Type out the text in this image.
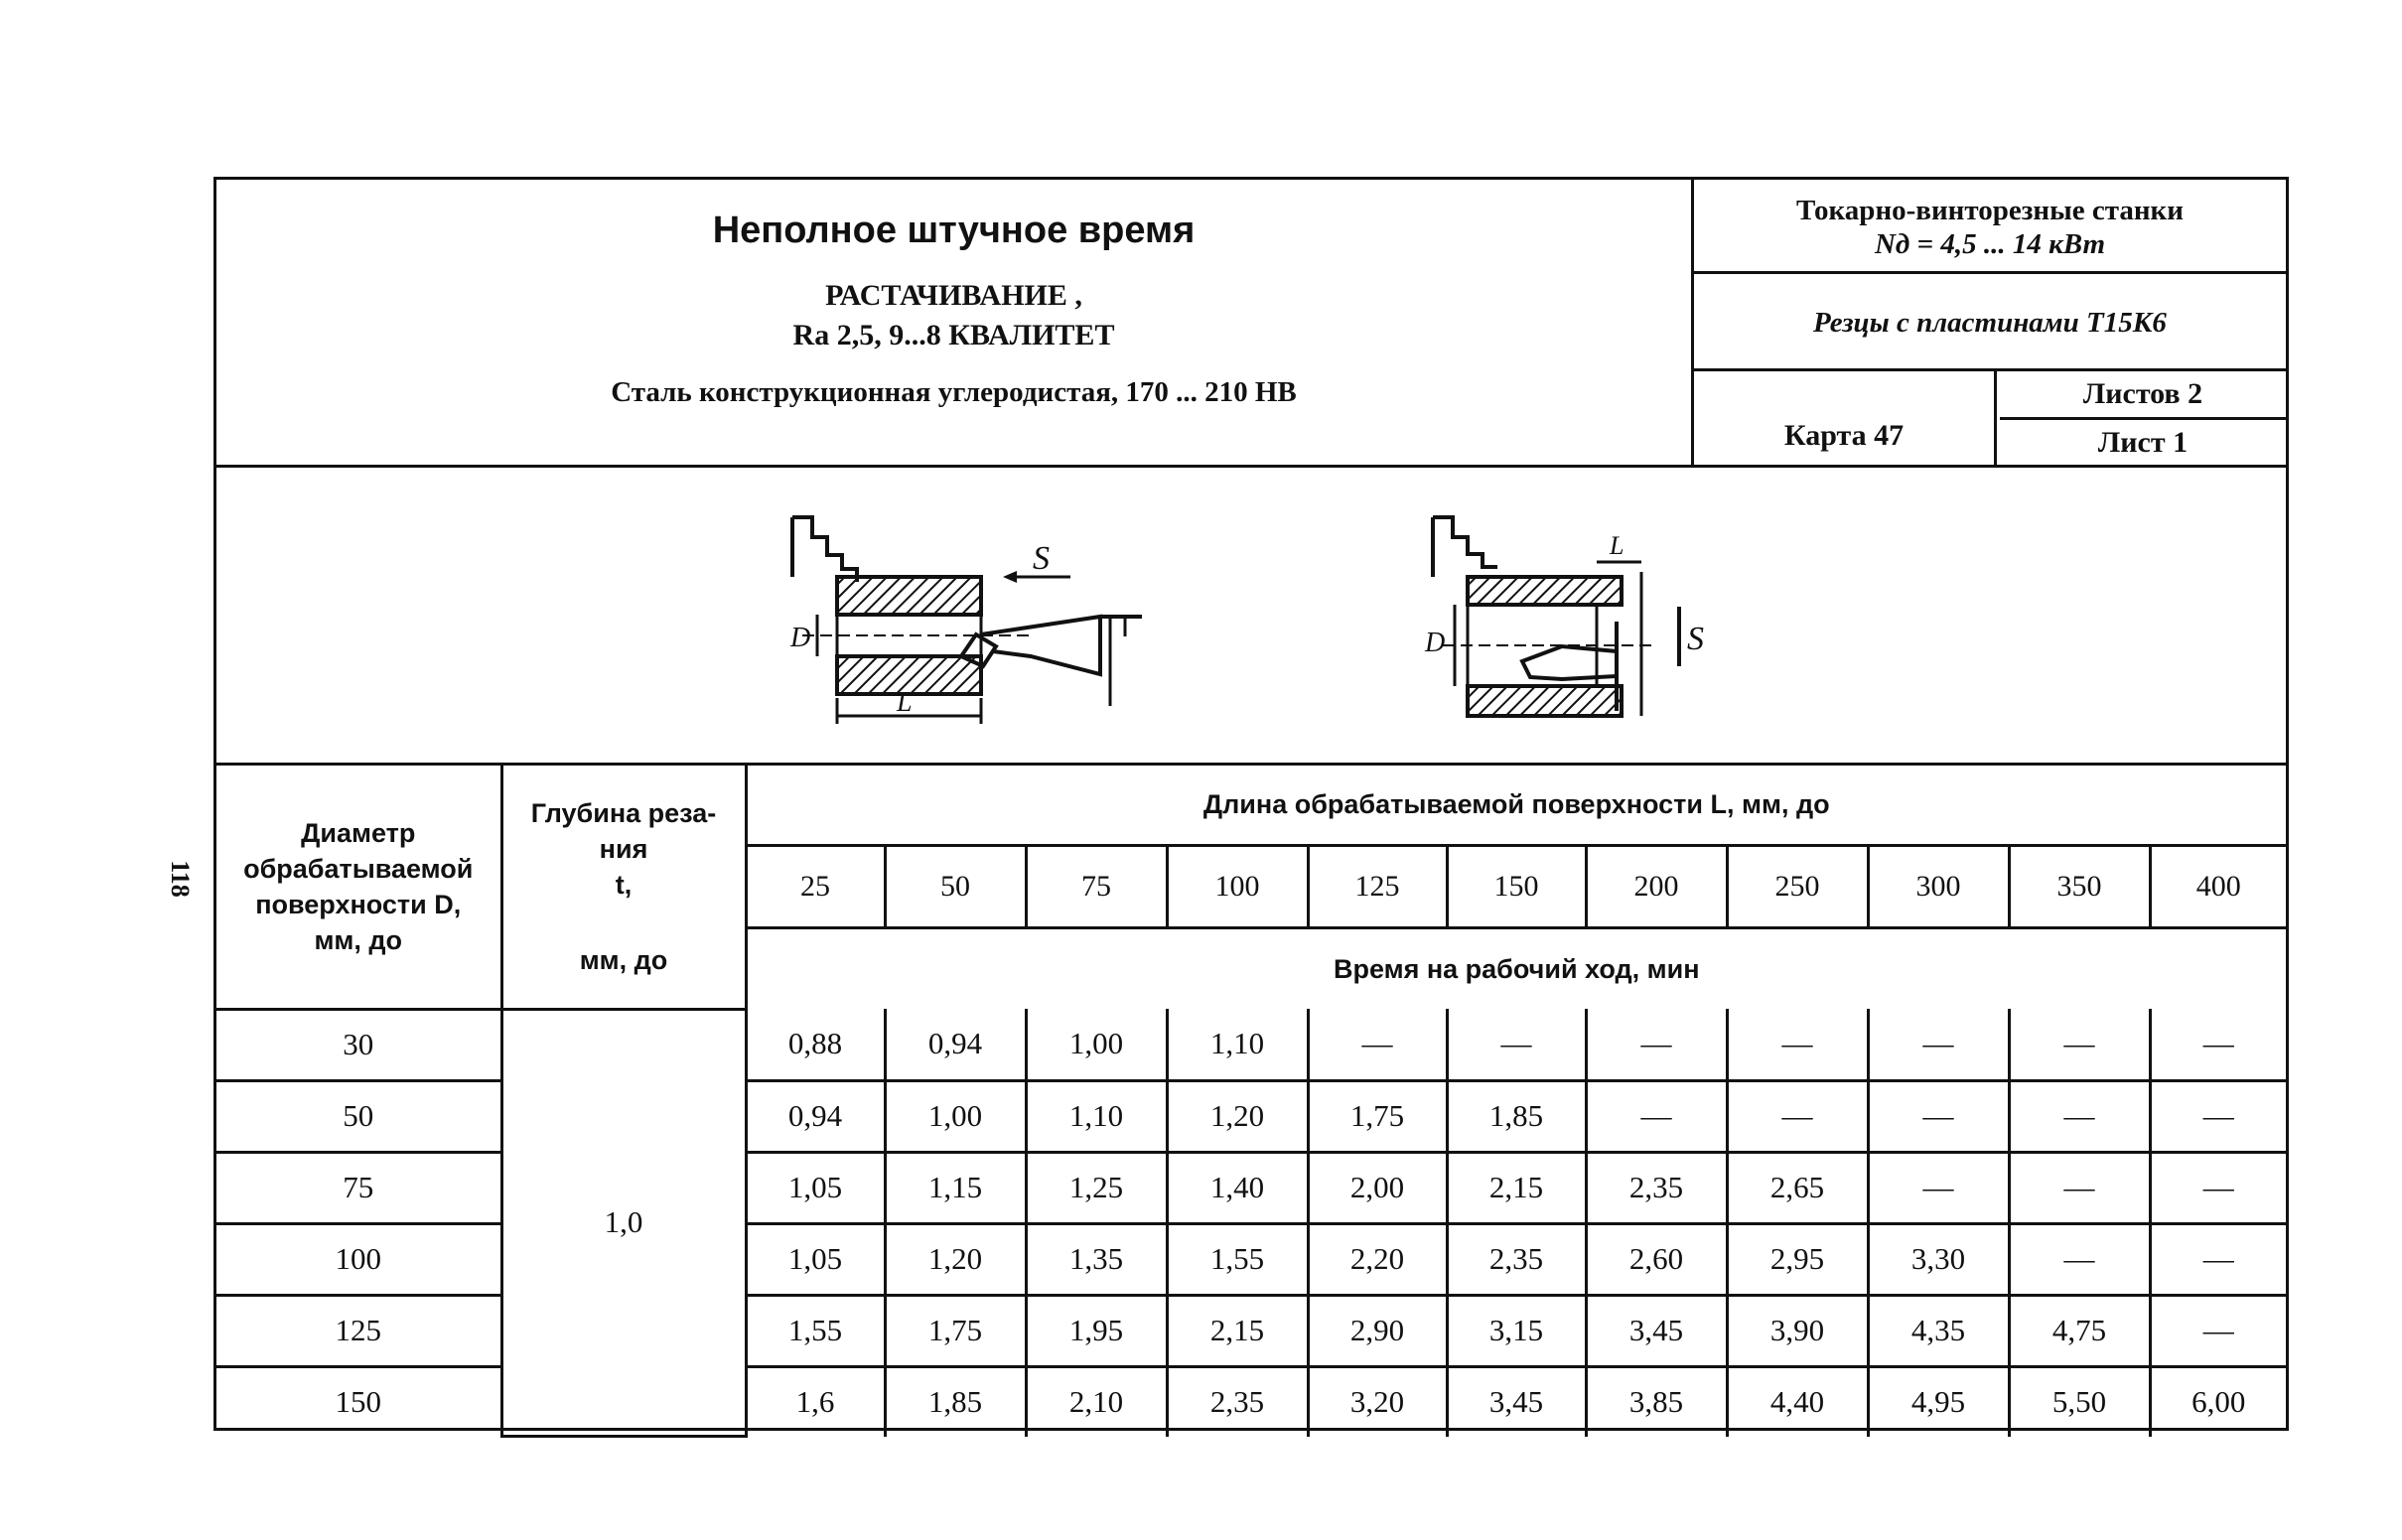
118
Неполное штучное время
РАСТАЧИВАНИЕ ,
Ra 2,5, 9...8 КВАЛИТЕТ
Сталь конструкционная углеродистая, 170 ... 210 НВ
Токарно-винторезные станки
Nд = 4,5 ... 14 кВт
Резцы с пластинами Т15К6
Карта 47
Листов 2
Лист 1
S
L
D	S
L
D
Диаметр обрабатываемой поверхности D, мм, до	Глубина реза-
ния
t,
мм, до	Длина обрабатываемой поверхности L, мм, до										
		25	50	75	100	125	150	200	250	300	350	400
		Время на рабочий ход, мин										
30	1,0	0,88	0,94	1,00	1,10	—	—	—	—	—	—	—
50		0,94	1,00	1,10	1,20	1,75	1,85	—	—	—	—	—
75		1,05	1,15	1,25	1,40	2,00	2,15	2,35	2,65	—	—	—
100		1,05	1,20	1,35	1,55	2,20	2,35	2,60	2,95	3,30	—	—
125		1,55	1,75	1,95	2,15	2,90	3,15	3,45	3,90	4,35	4,75	—
150		1,6	1,85	2,10	2,35	3,20	3,45	3,85	4,40	4,95	5,50	6,00
